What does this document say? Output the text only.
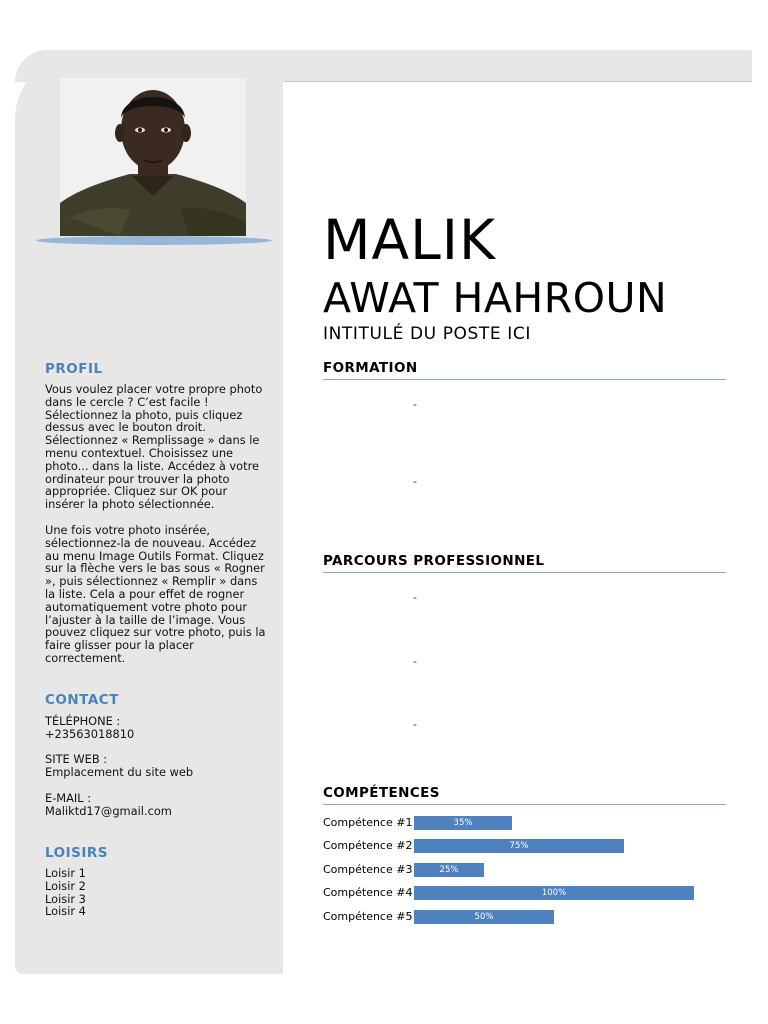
PROFIL

Vous voulez placer votre propre photo dans le cercle ? C’est facile ! Sélectionnez la photo, puis cliquez dessus avec le bouton droit. Sélectionnez « Remplissage » dans le menu contextuel. Choisissez une photo... dans la liste. Accédez à votre ordinateur pour trouver la photo appropriée. Cliquez sur OK pour insérer la photo sélectionnée.

Une fois votre photo insérée, sélectionnez-la de nouveau. Accédez au menu Image Outils Format. Cliquez sur la flèche vers le bas sous « Rogner », puis sélectionnez « Remplir » dans la liste. Cela a pour effet de rogner automatiquement votre photo pour l’ajuster à la taille de l’image. Vous pouvez cliquez sur votre photo, puis la faire glisser pour la placer correctement.

CONTACT
TÉLÉPHONE :
+23563018810
SITE WEB :
Emplacement du site web
E-MAIL :
Maliktd17@gmail.com
LOISIRS
Loisir 1
Loisir 2
Loisir 3
Loisir 4
MALIK
AWAT HAHROUN
INTITULÉ DU POSTE ICI
FORMATION
-
-
PARCOURS PROFESSIONNEL
-
-
-
COMPÉTENCES
Compétence #1	35%
Compétence #2	75%
Compétence #3	25%
Compétence #4	100%
Compétence #5	50%
